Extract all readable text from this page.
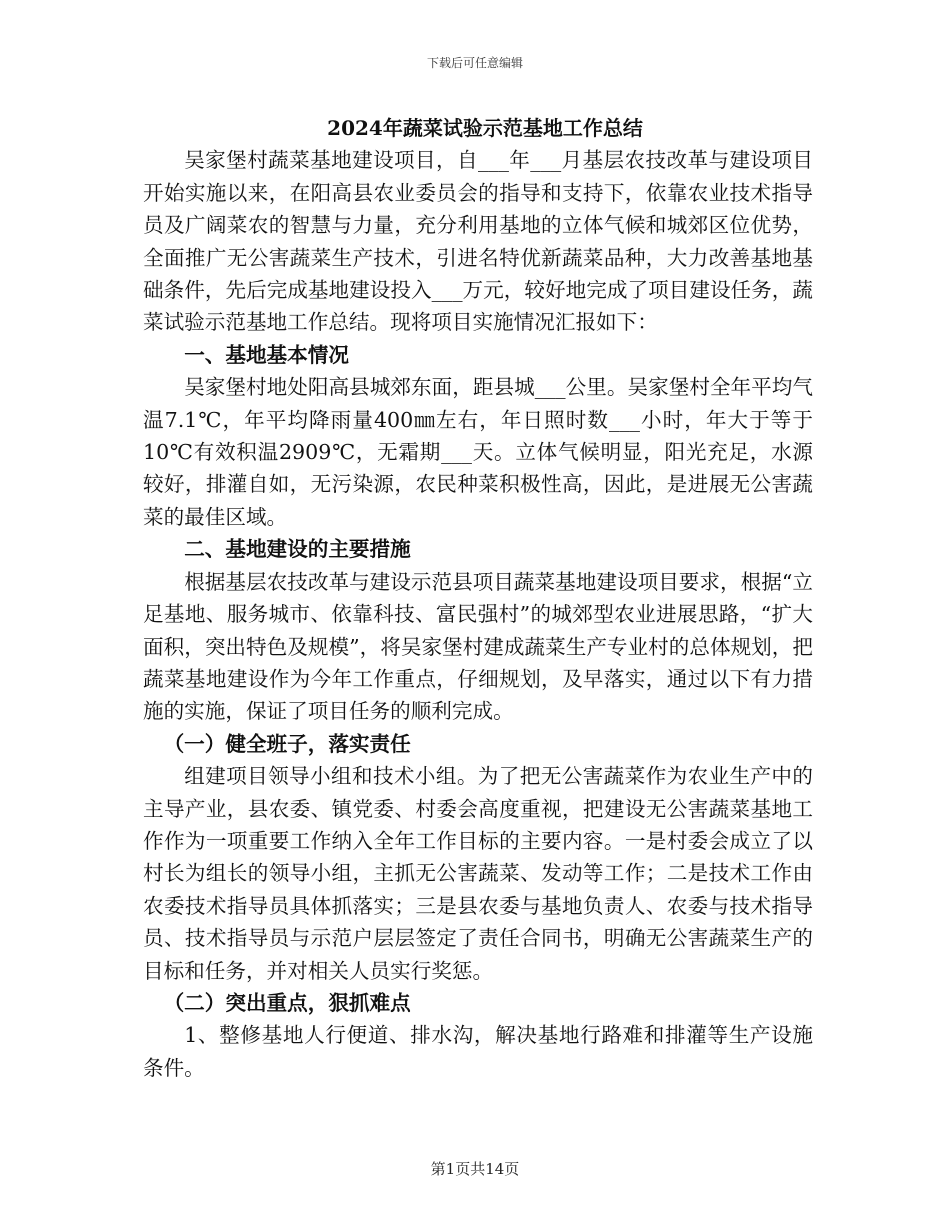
下载后可任意编辑
2024年蔬菜试验示范基地工作总结

吴家堡村蔬菜基地建设项目，自___年___月基层农技改革与建设项目开始实施以来，在阳高县农业委员会的指导和支持下，依靠农业技术指导员及广阔菜农的智慧与力量，充分利用基地的立体气候和城郊区位优势，全面推广无公害蔬菜生产技术，引进名特优新蔬菜品种，大力改善基地基础条件，先后完成基地建设投入___万元，较好地完成了项目建设任务，蔬菜试验示范基地工作总结。现将项目实施情况汇报如下：

一、基地基本情况

吴家堡村地处阳高县城郊东面，距县城___公里。吴家堡村全年平均气温7.1℃，年平均降雨量400㎜左右，年日照时数___小时，年大于等于10℃有效积温2909℃，无霜期___天。立体气候明显，阳光充足，水源较好，排灌自如，无污染源，农民种菜积极性高，因此，是进展无公害蔬菜的最佳区域。

二、基地建设的主要措施

根据基层农技改革与建设示范县项目蔬菜基地建设项目要求，根据“立足基地、服务城市、依靠科技、富民强村”的城郊型农业进展思路，“扩大面积，突出特色及规模”，将吴家堡村建成蔬菜生产专业村的总体规划，把蔬菜基地建设作为今年工作重点，仔细规划，及早落实，通过以下有力措施的实施，保证了项目任务的顺利完成。

（一）健全班子，落实责任

组建项目领导小组和技术小组。为了把无公害蔬菜作为农业生产中的主导产业，县农委、镇党委、村委会高度重视，把建设无公害蔬菜基地工作作为一项重要工作纳入全年工作目标的主要内容。一是村委会成立了以村长为组长的领导小组，主抓无公害蔬菜、发动等工作；二是技术工作由农委技术指导员具体抓落实；三是县农委与基地负责人、农委与技术指导员、技术指导员与示范户层层签定了责任合同书，明确无公害蔬菜生产的目标和任务，并对相关人员实行奖惩。

（二）突出重点，狠抓难点

1、整修基地人行便道、排水沟，解决基地行路难和排灌等生产设施条件。

第1页共14页
